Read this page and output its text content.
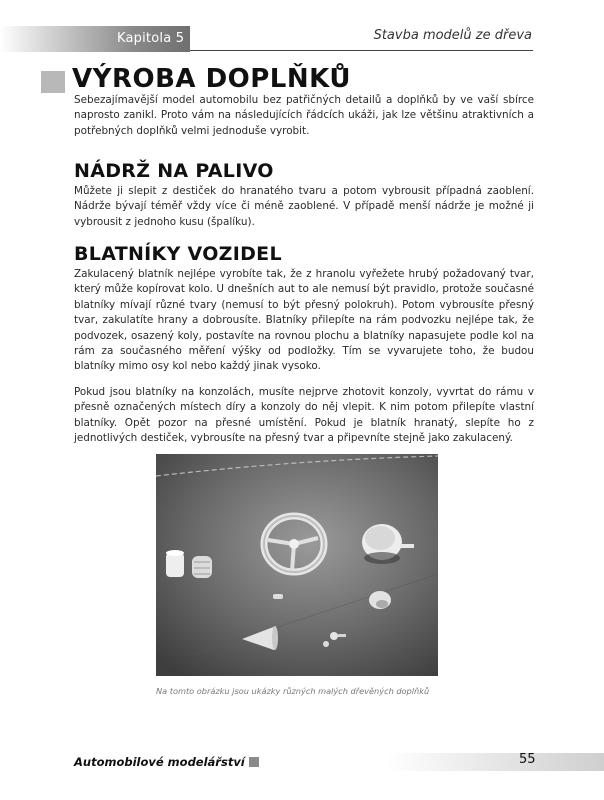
Kapitola 5	Stavba modelů ze dřeva
VÝROBA DOPLŇKŮ

Sebezajímavější model automobilu bez patřičných detailů a doplňků by ve vaší sbírce naprosto zanikl. Proto vám na následujících řádcích ukáži, jak lze většinu atraktivních a potřebných doplňků velmi jednoduše vyrobit.

NÁDRŽ NA PALIVO

Můžete ji slepit z destiček do hranatého tvaru a potom vybrousit případná zaoblení. Nádrže bývají téměř vždy více či méně zaoblené. V případě menší nádrže je možné ji vybrousit z jednoho kusu (špalíku).

BLATNÍKY VOZIDEL

Zakulacený blatník nejlépe vyrobíte tak, že z hranolu vyřežete hrubý požadovaný tvar, který může kopírovat kolo. U dnešních aut to ale nemusí být pravidlo, protože současné blatníky mívají různé tvary (nemusí to být přesný polokruh). Potom vybrousíte přesný tvar, zakulatíte hrany a dobrousíte. Blatníky přilepíte na rám podvozku nejlépe tak, že podvozek, osazený koly, postavíte na rovnou plochu a blatníky napasujete podle kol na rám za současného měření výšky od podložky. Tím se vyvarujete toho, že budou blatníky mimo osy kol nebo každý jinak vysoko.

Pokud jsou blatníky na konzolách, musíte nejprve zhotovit konzoly, vyvrtat do rámu v přesně označených místech díry a konzoly do něj vlepit. K nim potom přilepíte vlastní blatníky. Opět pozor na přesné umístění. Pokud je blatník hranatý, slepíte ho z jednotlivých destiček, vybrousíte na přesný tvar a připevníte stejně jako zakulacený.

Na tomto obrázku jsou ukázky různých malých dřevěných doplňků
Automobilové modelářství	55
